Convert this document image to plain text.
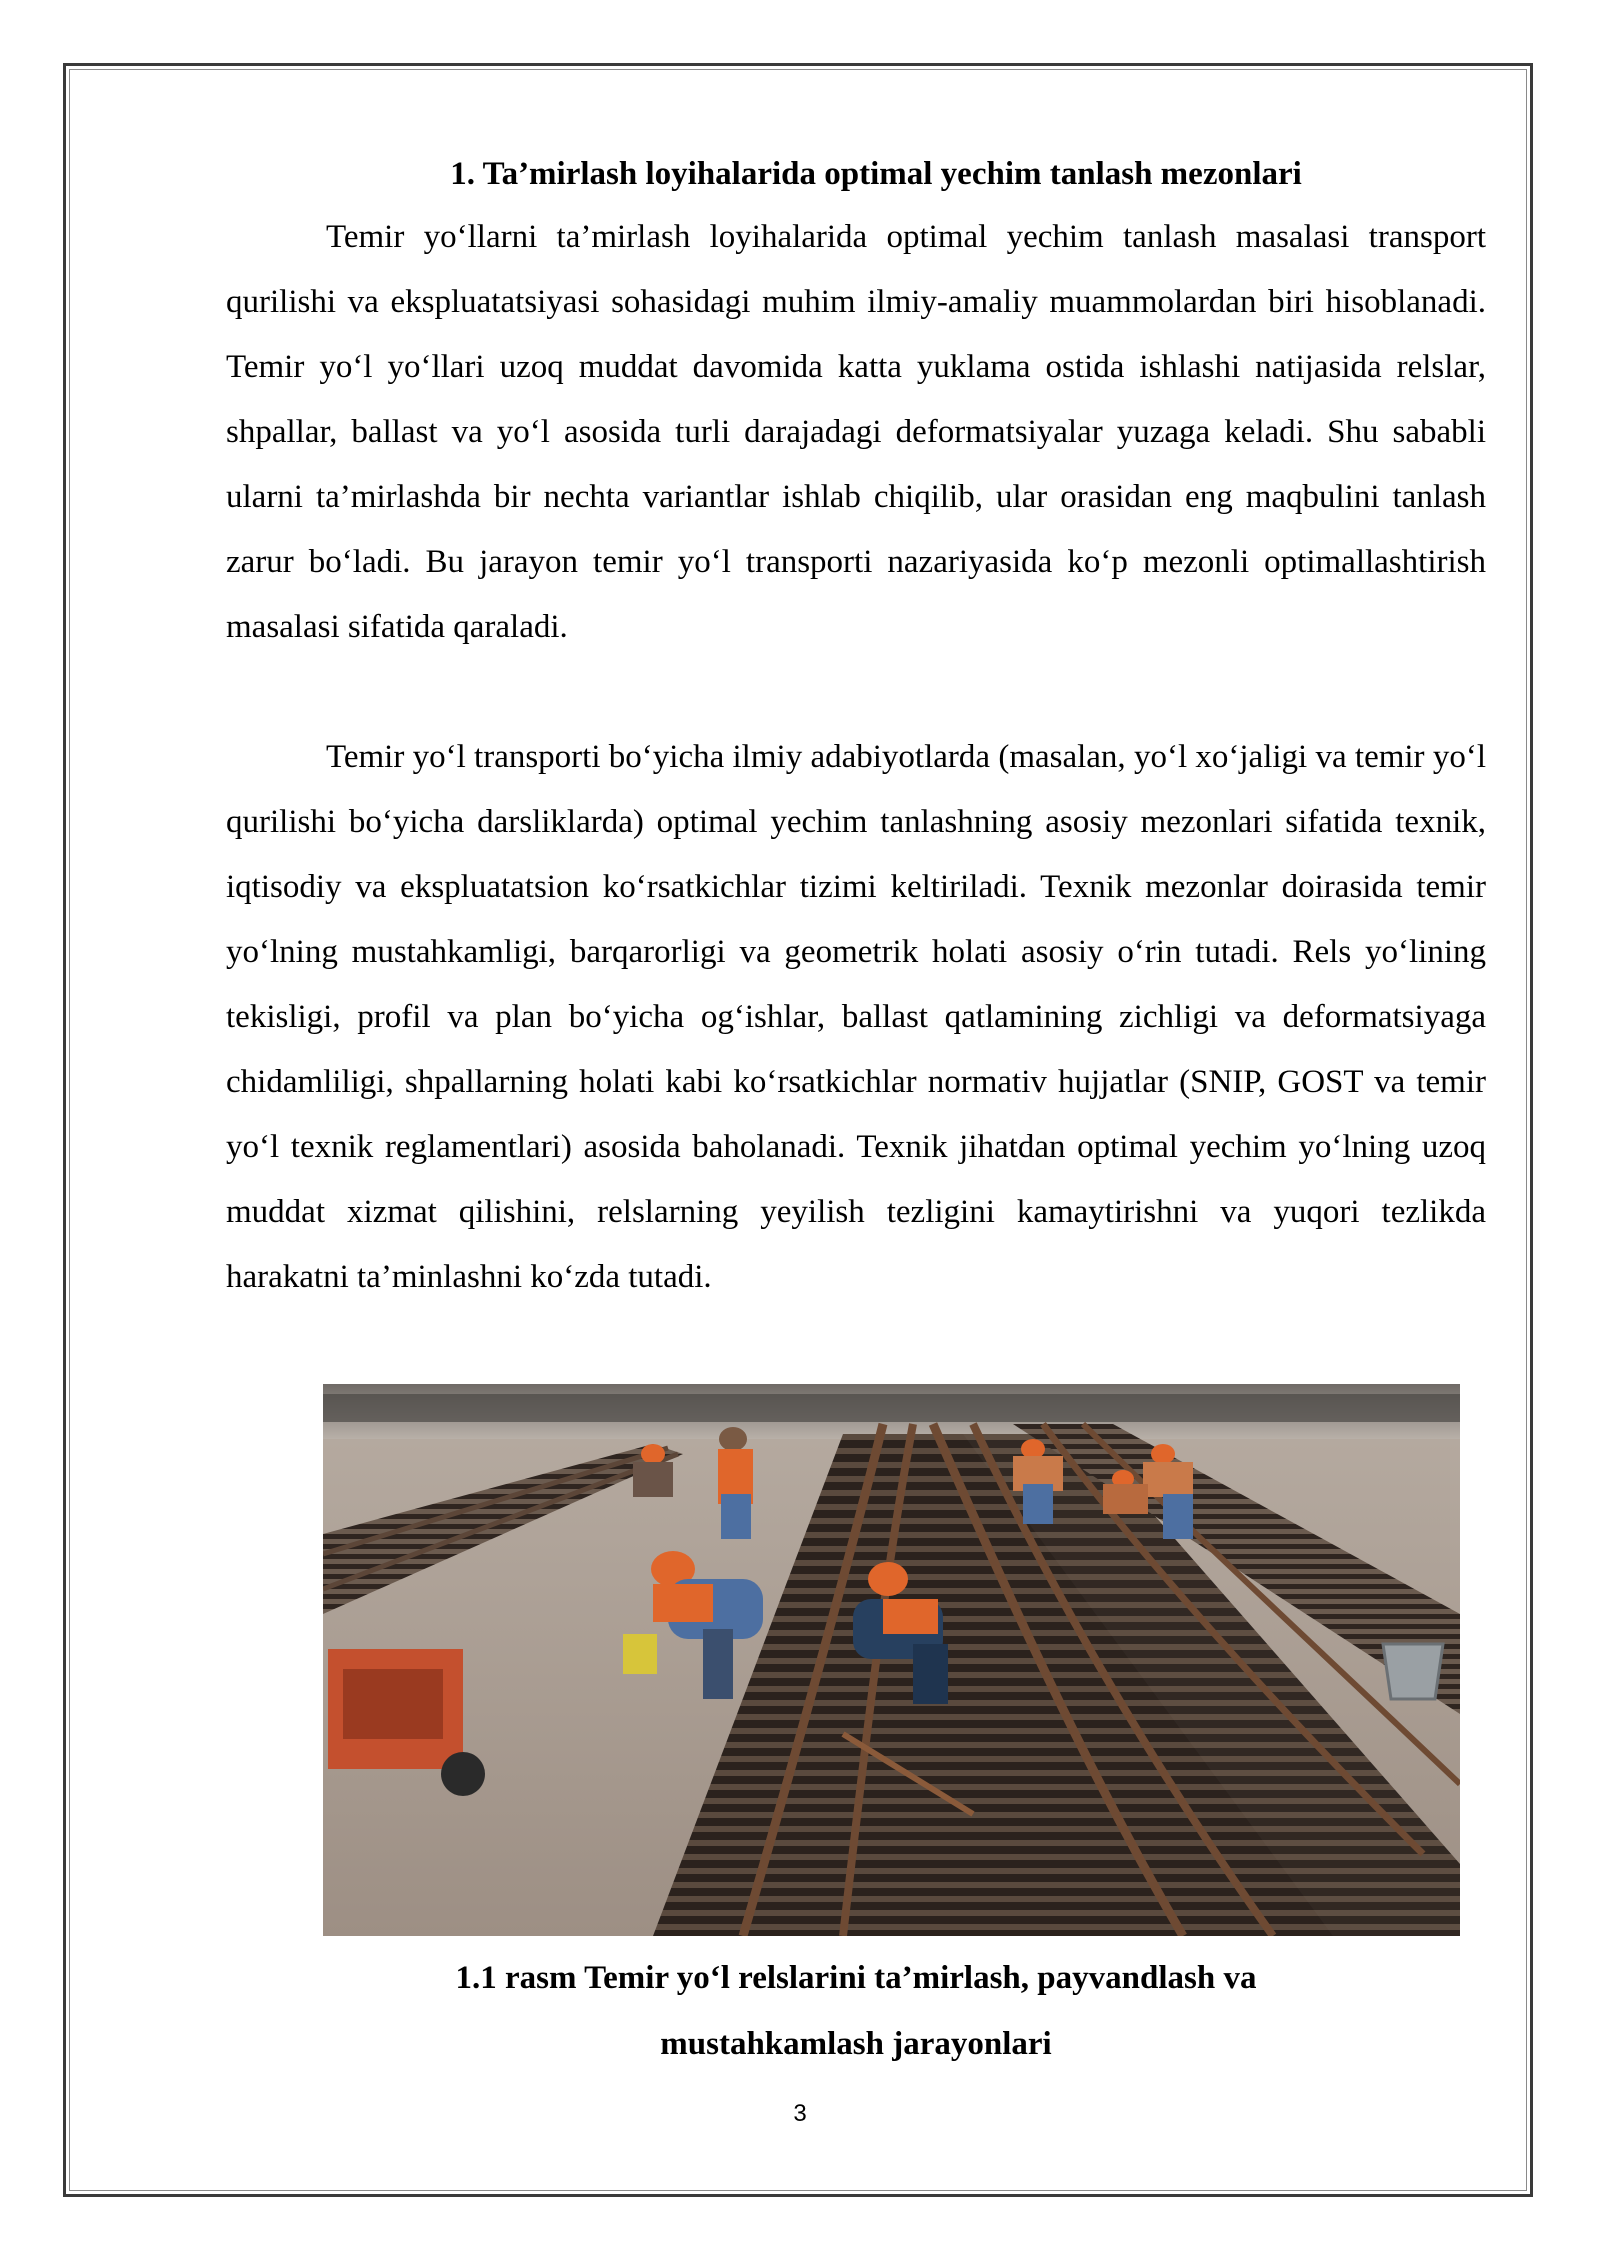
1. Ta’mirlash loyihalarida optimal yechim tanlash mezonlari

Temir yo‘llarni ta’mirlash loyihalarida optimal yechim tanlash masalasi transport qurilishi va ekspluatatsiyasi sohasidagi muhim ilmiy-amaliy muammolardan biri hisoblanadi. Temir yo‘l yo‘llari uzoq muddat davomida katta yuklama ostida ishlashi natijasida relslar, shpallar, ballast va yo‘l asosida turli darajadagi deformatsiyalar yuzaga keladi. Shu sababli ularni ta’mirlashda bir nechta variantlar ishlab chiqilib, ular orasidan eng maqbulini tanlash zarur bo‘ladi. Bu jarayon temir yo‘l transporti nazariyasida ko‘p mezonli optimallashtirish masalasi sifatida qaraladi.

Temir yo‘l transporti bo‘yicha ilmiy adabiyotlarda (masalan, yo‘l xo‘jaligi va temir yo‘l qurilishi bo‘yicha darsliklarda) optimal yechim tanlashning asosiy mezonlari sifatida texnik, iqtisodiy va ekspluatatsion ko‘rsatkichlar tizimi keltiriladi. Texnik mezonlar doirasida temir yo‘lning mustahkamligi, barqarorligi va geometrik holati asosiy o‘rin tutadi. Rels yo‘lining tekisligi, profil va plan bo‘yicha og‘ishlar, ballast qatlamining zichligi va deformatsiyaga chidamliligi, shpallarning holati kabi ko‘rsatkichlar normativ hujjatlar (SNIP, GOST va temir yo‘l texnik reglamentlari) asosida baholanadi. Texnik jihatdan optimal yechim yo‘lning uzoq muddat xizmat qilishini, relslarning yeyilish tezligini kamaytirishni va yuqori tezlikda harakatni ta’minlashni ko‘zda tutadi.

1.1 rasm Temir yo‘l relslarini ta’mirlash, payvandlash va
mustahkamlash jarayonlari

3
